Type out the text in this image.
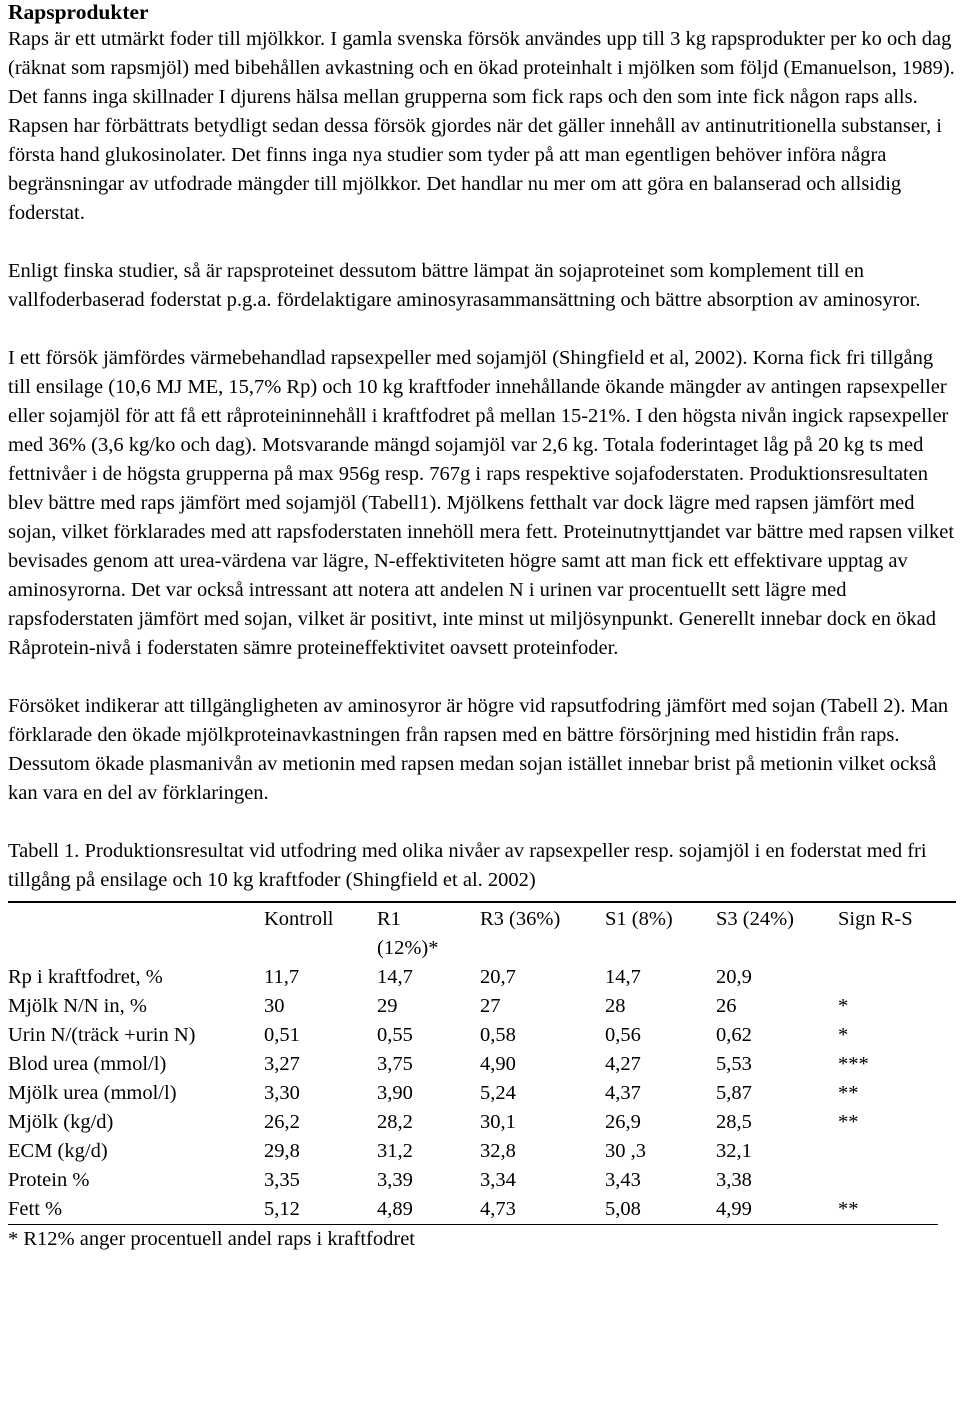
Rapsprodukter

Raps är ett utmärkt foder till mjölkkor. I gamla svenska försök användes upp till 3 kg rapsprodukter per ko och dag (räknat som rapsmjöl) med bibehållen avkastning och en ökad proteinhalt i mjölken som följd (Emanuelson, 1989). Det fanns inga skillnader I djurens hälsa mellan grupperna som fick raps och den som inte fick någon raps alls. Rapsen har förbättrats betydligt sedan dessa försök gjordes när det gäller innehåll av antinutritionella substanser, i första hand glukosinolater. Det finns inga nya studier som tyder på att man egentligen behöver införa några begränsningar av utfodrade mängder till mjölkkor. Det handlar nu mer om att göra en balanserad och allsidig foderstat.

Enligt finska studier, så är rapsproteinet dessutom bättre lämpat än sojaproteinet som komplement till en vallfoderbaserad foderstat p.g.a. fördelaktigare aminosyrasammansättning och bättre absorption av aminosyror.

I ett försök jämfördes värmebehandlad rapsexpeller med sojamjöl (Shingfield et al, 2002). Korna fick fri tillgång till ensilage (10,6 MJ ME, 15,7% Rp) och 10 kg kraftfoder innehållande ökande mängder av antingen rapsexpeller eller sojamjöl för att få ett råproteininnehåll i kraftfodret på mellan 15-21%. I den högsta nivån ingick rapsexpeller med 36% (3,6 kg/ko och dag). Motsvarande mängd sojamjöl var 2,6 kg. Totala foderintaget låg på 20 kg ts med fettnivåer i de högsta grupperna på max 956g resp. 767g i raps respektive sojafoderstaten. Produktionsresultaten blev bättre med raps jämfört med sojamjöl (Tabell1). Mjölkens fetthalt var dock lägre med rapsen jämfört med sojan, vilket förklarades med att rapsfoderstaten innehöll mera fett. Proteinutnyttjandet var bättre med rapsen vilket bevisades genom att urea-värdena var lägre, N-effektiviteten högre samt att man fick ett effektivare upptag av aminosyrorna. Det var också intressant att notera att andelen N i urinen var procentuellt sett lägre med rapsfoderstaten jämfört med sojan, vilket är positivt, inte minst ut miljösynpunkt. Generellt innebar dock en ökad Råprotein-nivå i foderstaten sämre proteineffektivitet oavsett proteinfoder.

Försöket indikerar att tillgängligheten av aminosyror är högre vid rapsutfodring jämfört med sojan (Tabell 2). Man förklarade den ökade mjölkproteinavkastningen från rapsen med en bättre försörjning med histidin från raps. Dessutom ökade plasmanivån av metionin med rapsen medan sojan istället innebar brist på metionin vilket också kan vara en del av förklaringen.

Tabell 1. Produktionsresultat vid utfodring med olika nivåer av rapsexpeller resp. sojamjöl i en foderstat med fri tillgång på ensilage och 10 kg kraftfoder (Shingfield et al. 2002)

	Kontroll	R1 (12%)*	R3 (36%)	S1 (8%)	S3 (24%)	Sign R-S
Rp i kraftfodret, %	11,7	14,7	20,7	14,7	20,9	
Mjölk N/N in, %	30	29	27	28	26	*
Urin N/(träck +urin N)	0,51	0,55	0,58	0,56	0,62	*
Blod urea (mmol/l)	3,27	3,75	4,90	4,27	5,53	***
Mjölk urea (mmol/l)	3,30	3,90	5,24	4,37	5,87	**
Mjölk (kg/d)	26,2	28,2	30,1	26,9	28,5	**
ECM (kg/d)	29,8	31,2	32,8	30 ,3	32,1	
Protein %	3,35	3,39	3,34	3,43	3,38	
Fett %	5,12	4,89	4,73	5,08	4,99	**

* R12% anger procentuell andel raps i kraftfodret
